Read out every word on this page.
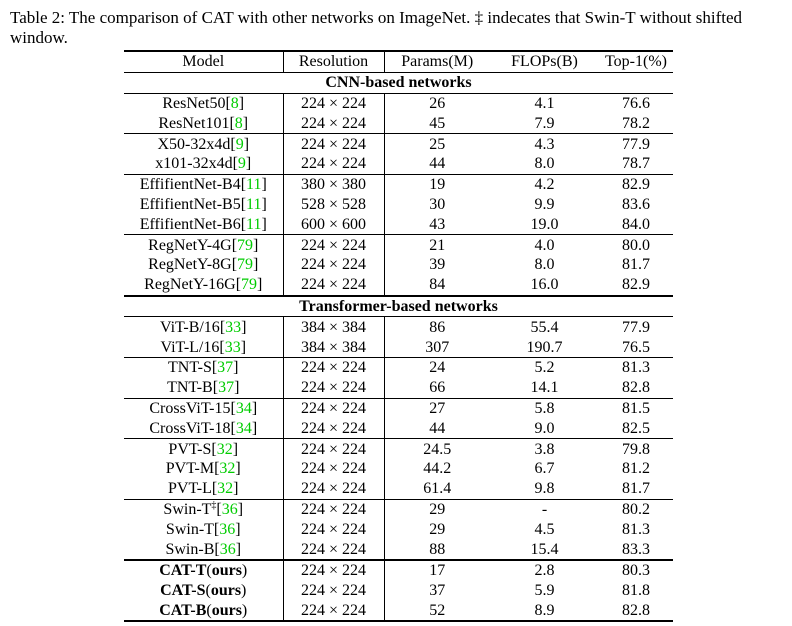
Table 2: The comparison of CAT with other networks on ImageNet. ‡ indecates that Swin-T without shifted window.
Model	Resolution	Params(M)	FLOPs(B)	Top-1(%)
CNN-based networks				
ResNet50[8]	224 × 224	26	4.1	76.6
ResNet101[8]	224 × 224	45	7.9	78.2
X50-32x4d[9]	224 × 224	25	4.3	77.9
x101-32x4d[9]	224 × 224	44	8.0	78.7
EffifientNet-B4[11]	380 × 380	19	4.2	82.9
EffifientNet-B5[11]	528 × 528	30	9.9	83.6
EffifientNet-B6[11]	600 × 600	43	19.0	84.0
RegNetY-4G[79]	224 × 224	21	4.0	80.0
RegNetY-8G[79]	224 × 224	39	8.0	81.7
RegNetY-16G[79]	224 × 224	84	16.0	82.9
Transformer-based networks				
ViT-B/16[33]	384 × 384	86	55.4	77.9
ViT-L/16[33]	384 × 384	307	190.7	76.5
TNT-S[37]	224 × 224	24	5.2	81.3
TNT-B[37]	224 × 224	66	14.1	82.8
CrossViT-15[34]	224 × 224	27	5.8	81.5
CrossViT-18[34]	224 × 224	44	9.0	82.5
PVT-S[32]	224 × 224	24.5	3.8	79.8
PVT-M[32]	224 × 224	44.2	6.7	81.2
PVT-L[32]	224 × 224	61.4	9.8	81.7
Swin-T‡[36]	224 × 224	29	-	80.2
Swin-T[36]	224 × 224	29	4.5	81.3
Swin-B[36]	224 × 224	88	15.4	83.3
CAT-T(ours)	224 × 224	17	2.8	80.3
CAT-S(ours)	224 × 224	37	5.9	81.8
CAT-B(ours)	224 × 224	52	8.9	82.8
